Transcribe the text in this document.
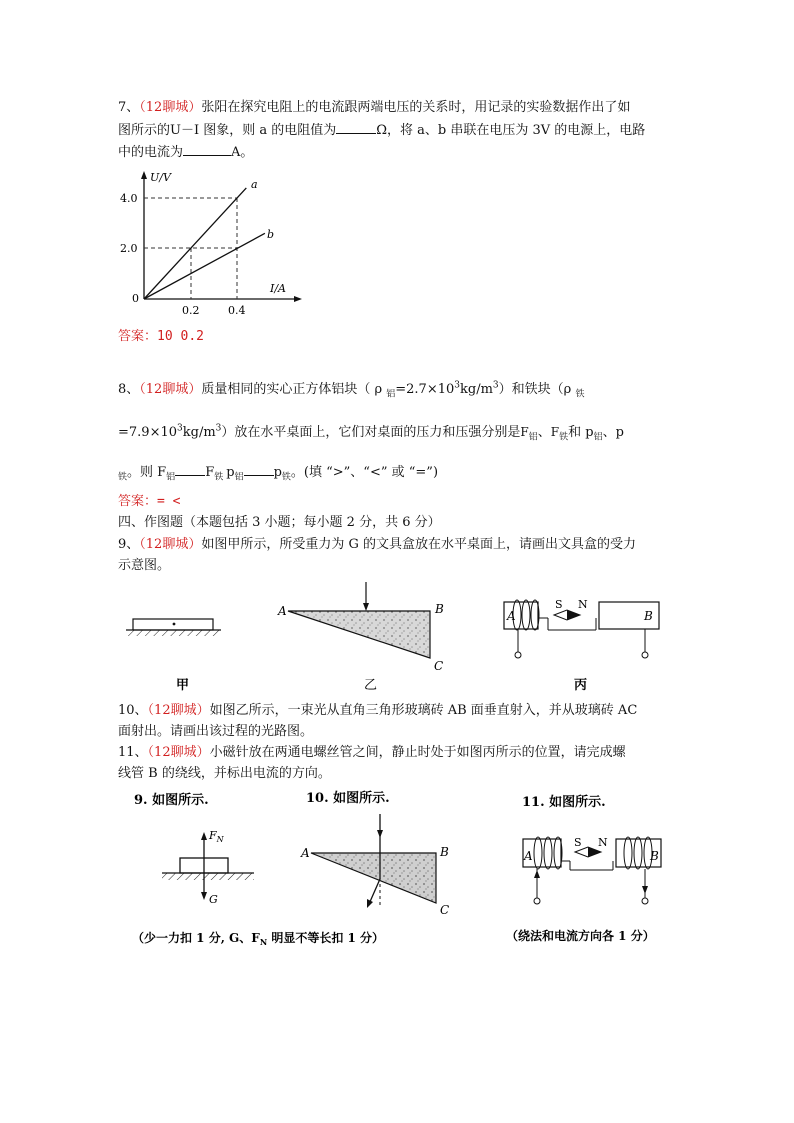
7、（12聊城）张阳在探究电阻上的电流跟两端电压的关系时，用记录的实验数据作出了如
图所示的U－I 图象，则 a 的电阻值为	Ω，将 a、b 串联在电压为 3V 的电源上，电路
中的电流为	A。
U/V
I/A
0
4.0
2.0
0.2	0.4
a
b
答案：10 0.2
8、（12聊城）质量相同的实心正方体铝块（ ρ $_铝=2.7\times 10^3kg/m^3$）和铁块（ρ $_铁$
$=7.9\times 10^3kg/m^3$）放在水平桌面上，它们对桌面的压力和压强分别是$F_铝$、$F_铁$和 $p_铝$、p
$_铁$。则 $F_铝$ $F_铁$ $p_铝$ $p_铁$。(填 “>”、“<” 或 “=”)
答案：= <
四、作图题（本题包括 3 小题；每小题 2 分，共 6 分）
9、（12聊城）如图甲所示，所受重力为 G 的文具盒放在水平桌面上，请画出文具盒的受力
示意图。
甲
A	B
C
乙
S N
A	B
丙
10、（12聊城）如图乙所示，一束光从直角三角形玻璃砖 AB 面垂直射入，并从玻璃砖 AC
面射出。请画出该过程的光路图。
11、（12聊城）小磁针放在两通电螺丝管之间，静止时处于如图丙所示的位置，请完成螺
线管 B 的绕线，并标出电流的方向。
9. 如图所示.	10. 如图所示.	11. 如图所示.
$F_N$
G
A	B
C
S N
A	B
（少一力扣 1 分, G、$F_N$ 明显不等长扣 1 分）	（绕法和电流方向各 1 分）
